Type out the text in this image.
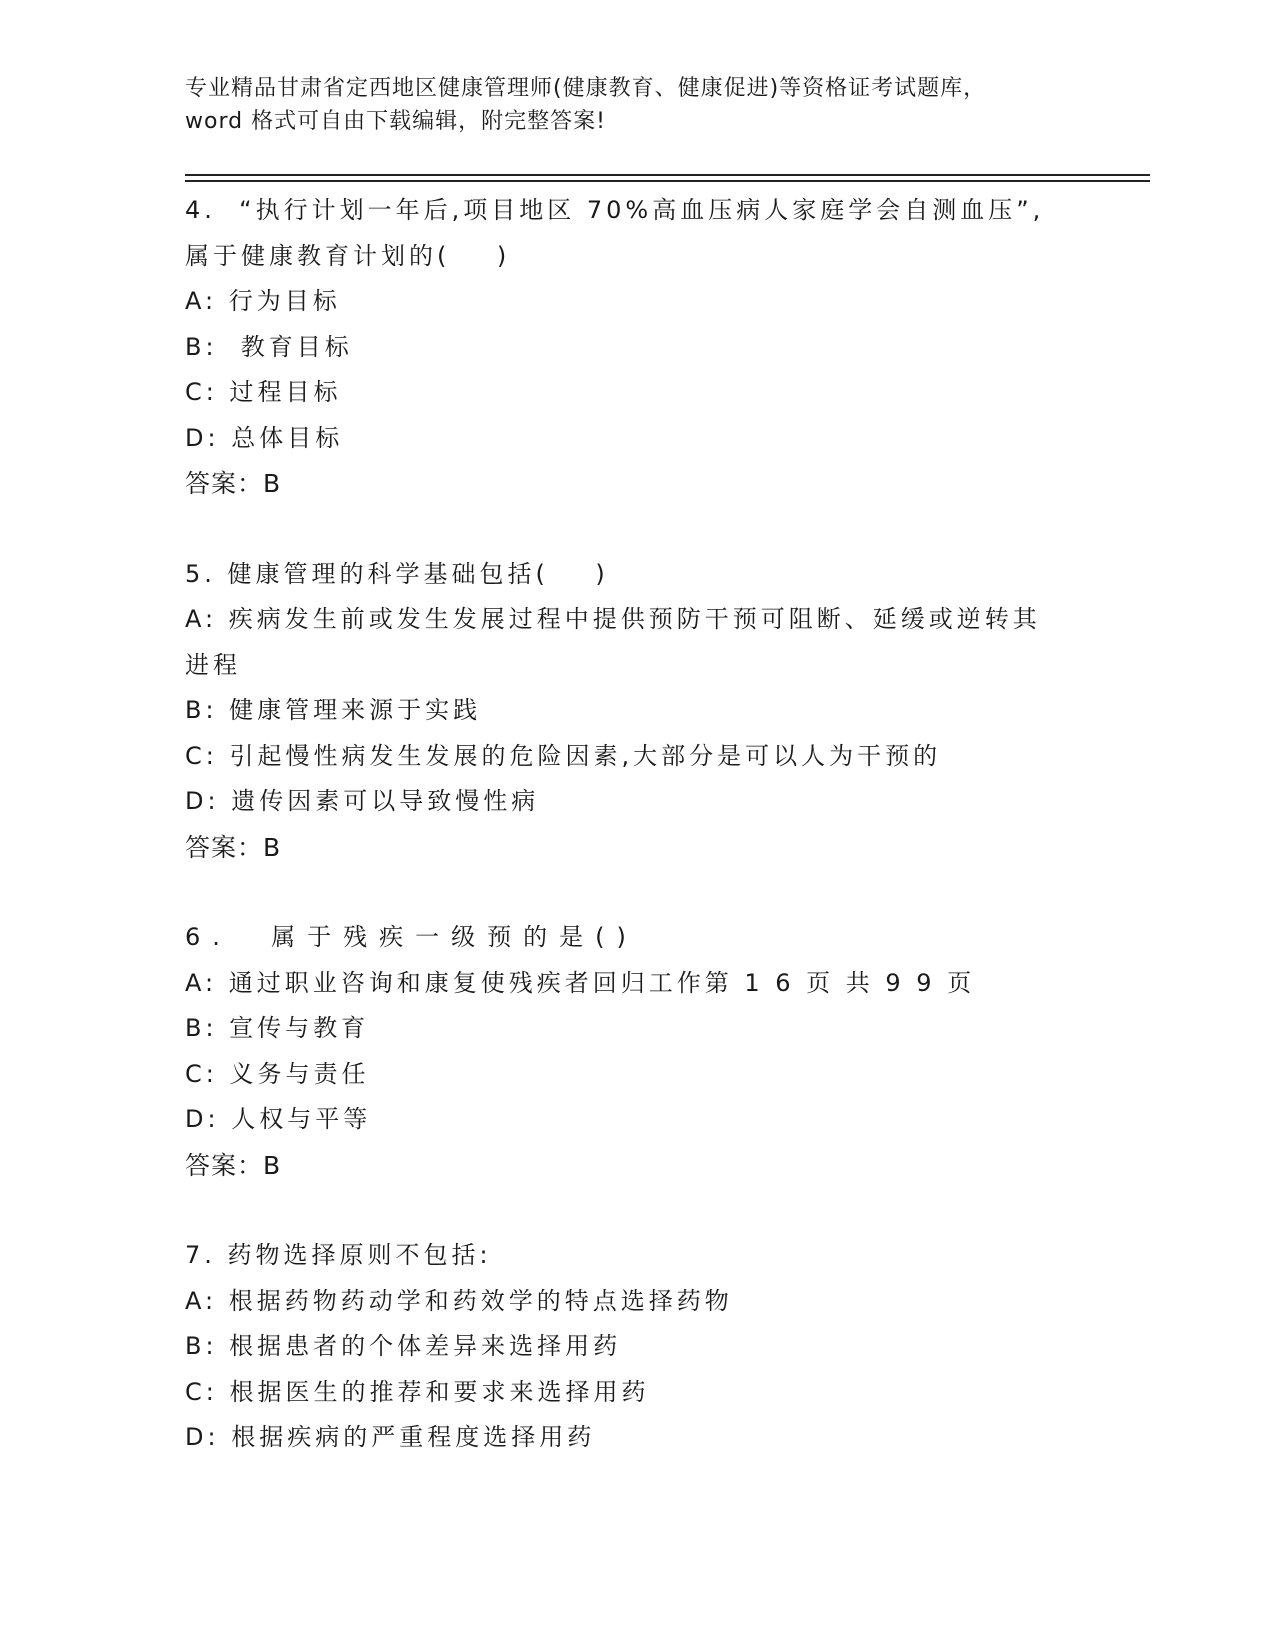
专业精品甘肃省定西地区健康管理师(健康教育、健康促进)等资格证考试题库，
word 格式可自由下载编辑，附完整答案!

4.  “执行计划一年后,项目地区 70%高血压病人家庭学会自测血压”,

属于健康教育计划的(    )

A: 行为目标

B:  教育目标

C: 过程目标

D: 总体目标

答案：B

5. 健康管理的科学基础包括(    )

A: 疾病发生前或发生发展过程中提供预防干预可阻断、延缓或逆转其

进程

B: 健康管理来源于实践

C: 引起慢性病发生发展的危险因素,大部分是可以人为干预的

D: 遗传因素可以导致慢性病

答案：B

6.  属于残疾一级预的是()

A: 通过职业咨询和康复使残疾者回归工作第 1 6 页 共 9 9 页

B: 宣传与教育

C: 义务与责任

D: 人权与平等

答案：B

7. 药物选择原则不包括:

A: 根据药物药动学和药效学的特点选择药物

B: 根据患者的个体差异来选择用药

C: 根据医生的推荐和要求来选择用药

D: 根据疾病的严重程度选择用药
